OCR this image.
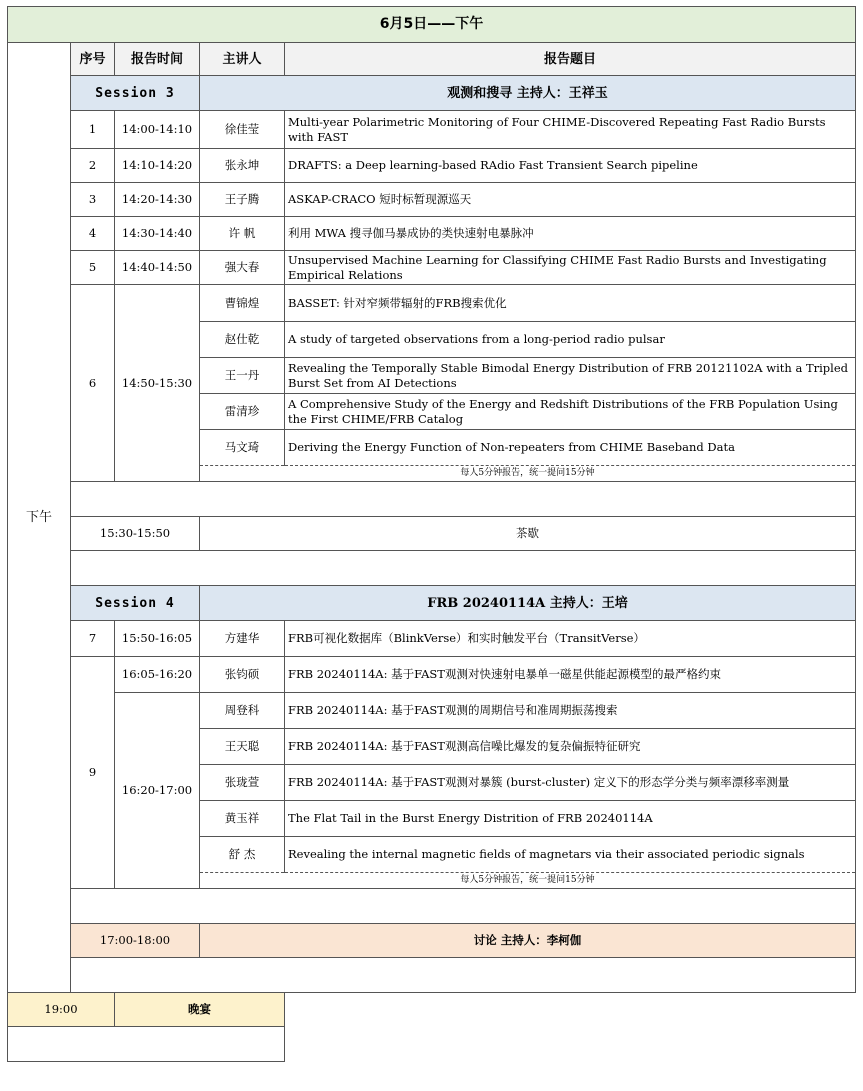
6月5日——下午				
下午	序号	报告时间	主讲人	报告题目
	Session 3		观测和搜寻 主持人：王祥玉	
	1	14:00-14:10	徐佳莹	Multi-year Polarimetric Monitoring of Four CHIME-Discovered Repeating Fast Radio Bursts with FAST
	2	14:10-14:20	张永坤	DRAFTS: a Deep learning-based RAdio Fast Transient Search pipeline
	3	14:20-14:30	王子腾	ASKAP-CRACO 短时标暂现源巡天
	4	14:30-14:40	许 帆	利用 MWA 搜寻伽马暴成协的类快速射电暴脉冲
	5	14:40-14:50	强大春	Unsupervised Machine Learning for Classifying CHIME Fast Radio Bursts and Investigating Empirical Relations
	6	14:50-15:30	曹锦煌	BASSET: 针对窄频带辐射的FRB搜索优化
			赵仕乾	A study of targeted observations from a long-period radio pulsar
			王一丹	Revealing the Temporally Stable Bimodal Energy Distribution of FRB 20121102A with a Tripled Burst Set from AI Detections
			雷清珍	A Comprehensive Study of the Energy and Redshift Distributions of the FRB Population Using the First CHIME/FRB Catalog
			马文琦	Deriving the Energy Function of Non-repeaters from CHIME Baseband Data
			每人5分钟报告，统一提问15分钟	

	15:30-15:50		茶歇	

	Session 4		FRB 20240114A 主持人：王培	
	7	15:50-16:05	方建华	FRB可视化数据库（BlinkVerse）和实时触发平台（TransitVerse）
	9	16:05-16:20	张钧硕	FRB 20240114A: 基于FAST观测对快速射电暴单一磁星供能起源模型的最严格约束
		16:20-17:00	周登科	FRB 20240114A: 基于FAST观测的周期信号和准周期振荡搜索
			王天聪	FRB 20240114A: 基于FAST观测高信噪比爆发的复杂偏振特征研究
			张珑萱	FRB 20240114A: 基于FAST观测对暴簇 (burst-cluster) 定义下的形态学分类与频率漂移率测量
			黄玉祥	The Flat Tail in the Burst Energy Distrition of FRB 20240114A
			舒 杰	Revealing the internal magnetic fields of magnetars via their associated periodic signals
			每人5分钟报告，统一提问15分钟	

	17:00-18:00		讨论 主持人：李柯伽	

19:00		晚宴		
